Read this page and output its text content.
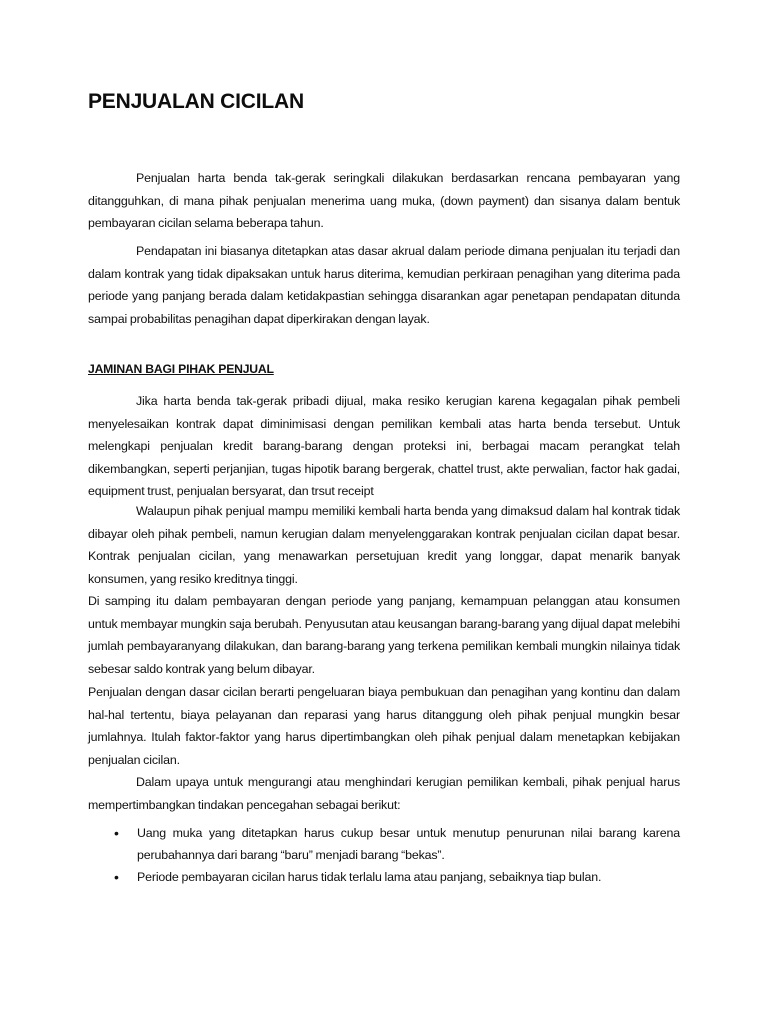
PENJUALAN CICILAN

Penjualan harta benda tak-gerak seringkali dilakukan berdasarkan rencana pembayaran yang ditangguhkan, di mana pihak penjualan menerima uang muka, (down payment) dan sisanya dalam bentuk pembayaran cicilan selama beberapa tahun.

Pendapatan ini biasanya ditetapkan atas dasar akrual dalam periode dimana penjualan itu terjadi dan dalam kontrak yang tidak dipaksakan untuk harus diterima, kemudian perkiraan penagihan yang diterima pada periode yang panjang berada dalam ketidakpastian sehingga disarankan agar penetapan pendapatan ditunda sampai probabilitas penagihan dapat diperkirakan dengan layak.

JAMINAN BAGI PIHAK PENJUAL

Jika harta benda tak-gerak pribadi dijual, maka resiko kerugian karena kegagalan pihak pembeli menyelesaikan kontrak dapat diminimisasi dengan pemilikan kembali atas harta benda tersebut. Untuk melengkapi penjualan kredit barang-barang dengan proteksi ini, berbagai macam perangkat telah dikembangkan, seperti perjanjian, tugas hipotik barang bergerak, chattel trust, akte perwalian, factor hak gadai, equipment trust, penjualan bersyarat, dan trsut receipt

Walaupun pihak penjual mampu memiliki kembali harta benda yang dimaksud dalam hal kontrak tidak dibayar oleh pihak pembeli, namun kerugian dalam menyelenggarakan kontrak penjualan cicilan dapat besar. Kontrak penjualan cicilan, yang menawarkan persetujuan kredit yang longgar, dapat menarik banyak konsumen, yang resiko kreditnya tinggi.

Di samping itu dalam pembayaran dengan periode yang panjang, kemampuan pelanggan atau konsumen untuk membayar mungkin saja berubah. Penyusutan atau keusangan barang-barang yang dijual dapat melebihi jumlah pembayaranyang dilakukan, dan barang-barang yang terkena pemilikan kembali mungkin nilainya tidak sebesar saldo kontrak yang belum dibayar.

Penjualan dengan dasar cicilan berarti pengeluaran biaya pembukuan dan penagihan yang kontinu dan dalam hal-hal tertentu, biaya pelayanan dan reparasi yang harus ditanggung oleh pihak penjual mungkin besar jumlahnya. Itulah faktor-faktor yang harus dipertimbangkan oleh pihak penjual dalam menetapkan kebijakan penjualan cicilan.

Dalam upaya untuk mengurangi atau menghindari kerugian pemilikan kembali, pihak penjual harus mempertimbangkan tindakan pencegahan sebagai berikut:

• Uang muka yang ditetapkan harus cukup besar untuk menutup penurunan nilai barang karena perubahannya dari barang “baru” menjadi barang “bekas”.
• Periode pembayaran cicilan harus tidak terlalu lama atau panjang, sebaiknya tiap bulan.
